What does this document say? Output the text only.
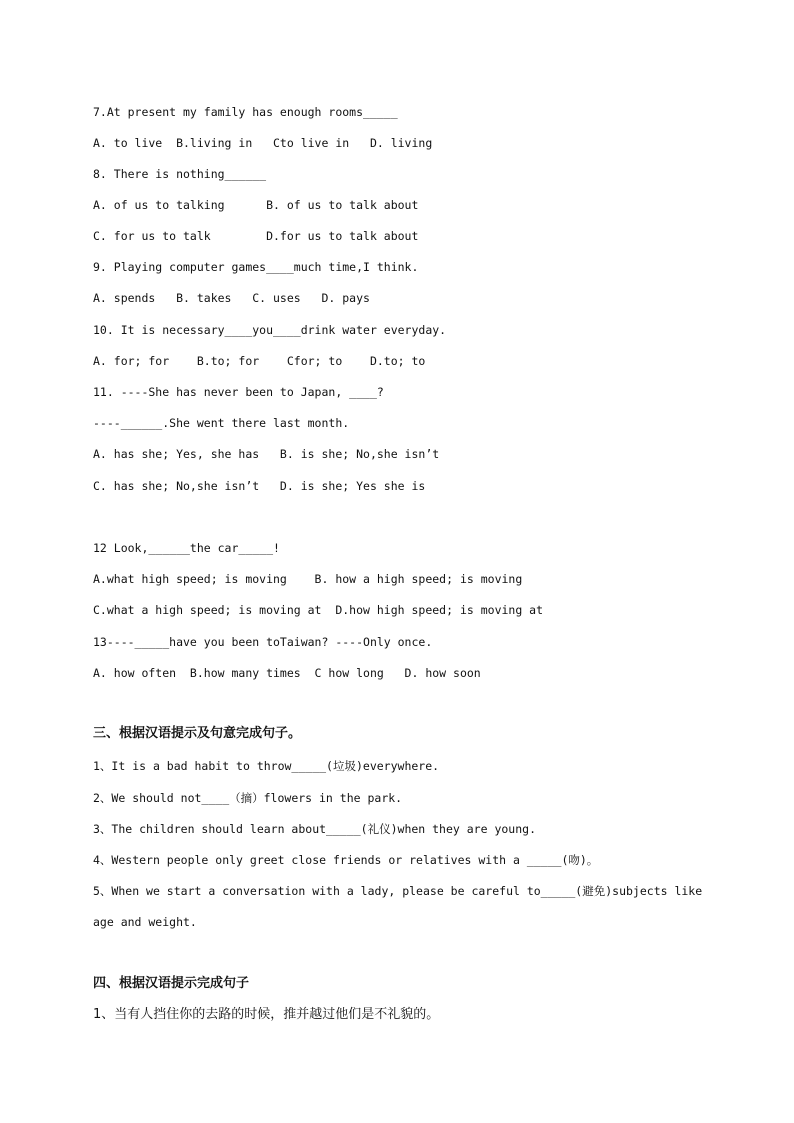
7.At present my family has enough rooms_____
A. to live  B.living in   Cto live in   D. living
8. There is nothing______
A. of us to talking      B. of us to talk about
C. for us to talk        D.for us to talk about
9. Playing computer games____much time,I think.
A. spends   B. takes   C. uses   D. pays
10. It is necessary____you____drink water everyday.
A. for; for    B.to; for    Cfor; to    D.to; to
11. ----She has never been to Japan, ____?
----______.She went there last month.
A. has she; Yes, she has   B. is she; No,she isn’t
C. has she; No,she isn’t   D. is she; Yes she is
12 Look,______the car_____!
A.what high speed; is moving    B. how a high speed; is moving
C.what a high speed; is moving at  D.how high speed; is moving at
13----_____have you been toTaiwan? ----Only once.
A. how often  B.how many times  C how long   D. how soon
三、根据汉语提示及句意完成句子。
1、It is a bad habit to throw_____(垃圾)everywhere.
2、We should not____（摘）flowers in the park.
3、The children should learn about_____(礼仪)when they are young.
4、Western people only greet close friends or relatives with a _____(吻)。
5、When we start a conversation with a lady, please be careful to_____(避免)subjects like
age and weight.
四、根据汉语提示完成句子
1、当有人挡住你的去路的时候，推并越过他们是不礼貌的。
